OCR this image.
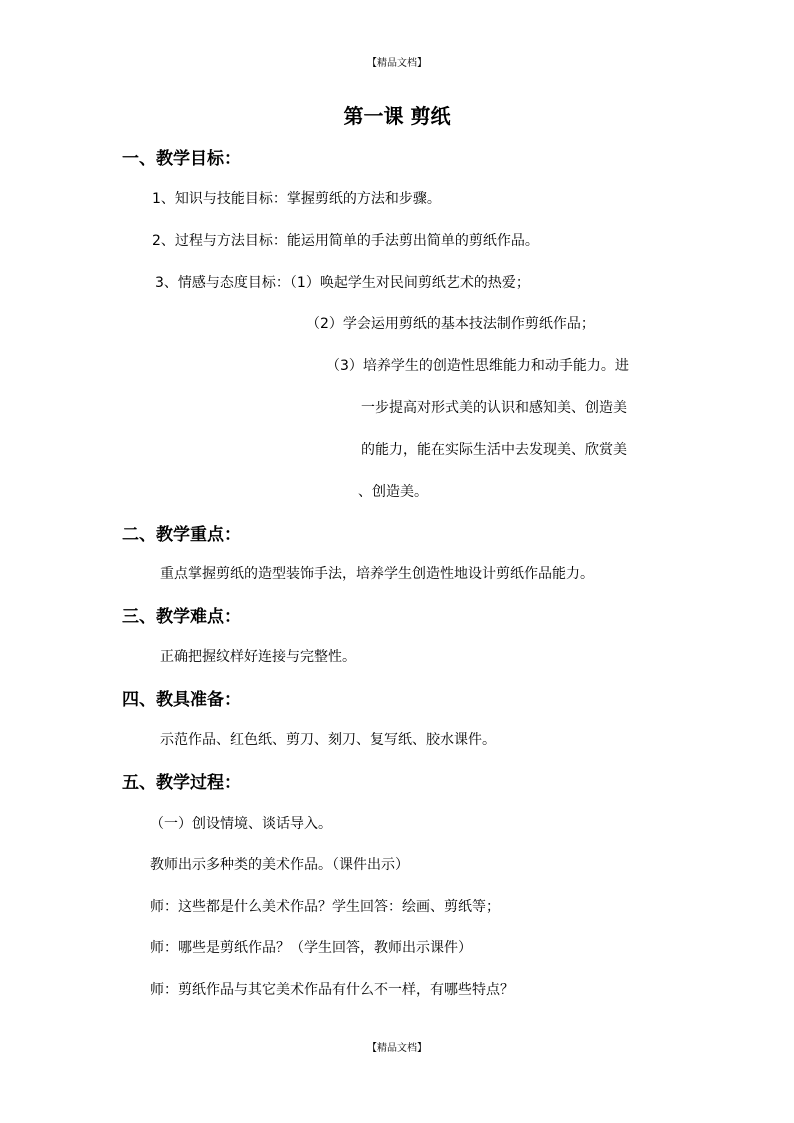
【精品文档】
第一课 剪纸
一、教学目标：
1、知识与技能目标：掌握剪纸的方法和步骤。
2、过程与方法目标：能运用简单的手法剪出简单的剪纸作品。
3、情感与态度目标：（1）唤起学生对民间剪纸艺术的热爱；
（2）学会运用剪纸的基本技法制作剪纸作品；
（3）培养学生的创造性思维能力和动手能力。进
一步提高对形式美的认识和感知美、创造美
的能力，能在实际生活中去发现美、欣赏美
、创造美。
二、教学重点：
重点掌握剪纸的造型装饰手法，培养学生创造性地设计剪纸作品能力。
三、教学难点：
正确把握纹样好连接与完整性。
四、教具准备：
示范作品、红色纸、剪刀、刻刀、复写纸、胶水课件。
五、教学过程：
（一）创设情境、谈话导入。
教师出示多种类的美术作品。（课件出示）
师：这些都是什么美术作品？学生回答：绘画、剪纸等；
师：哪些是剪纸作品？（学生回答，教师出示课件）
师：剪纸作品与其它美术作品有什么不一样，有哪些特点？
【精品文档】
